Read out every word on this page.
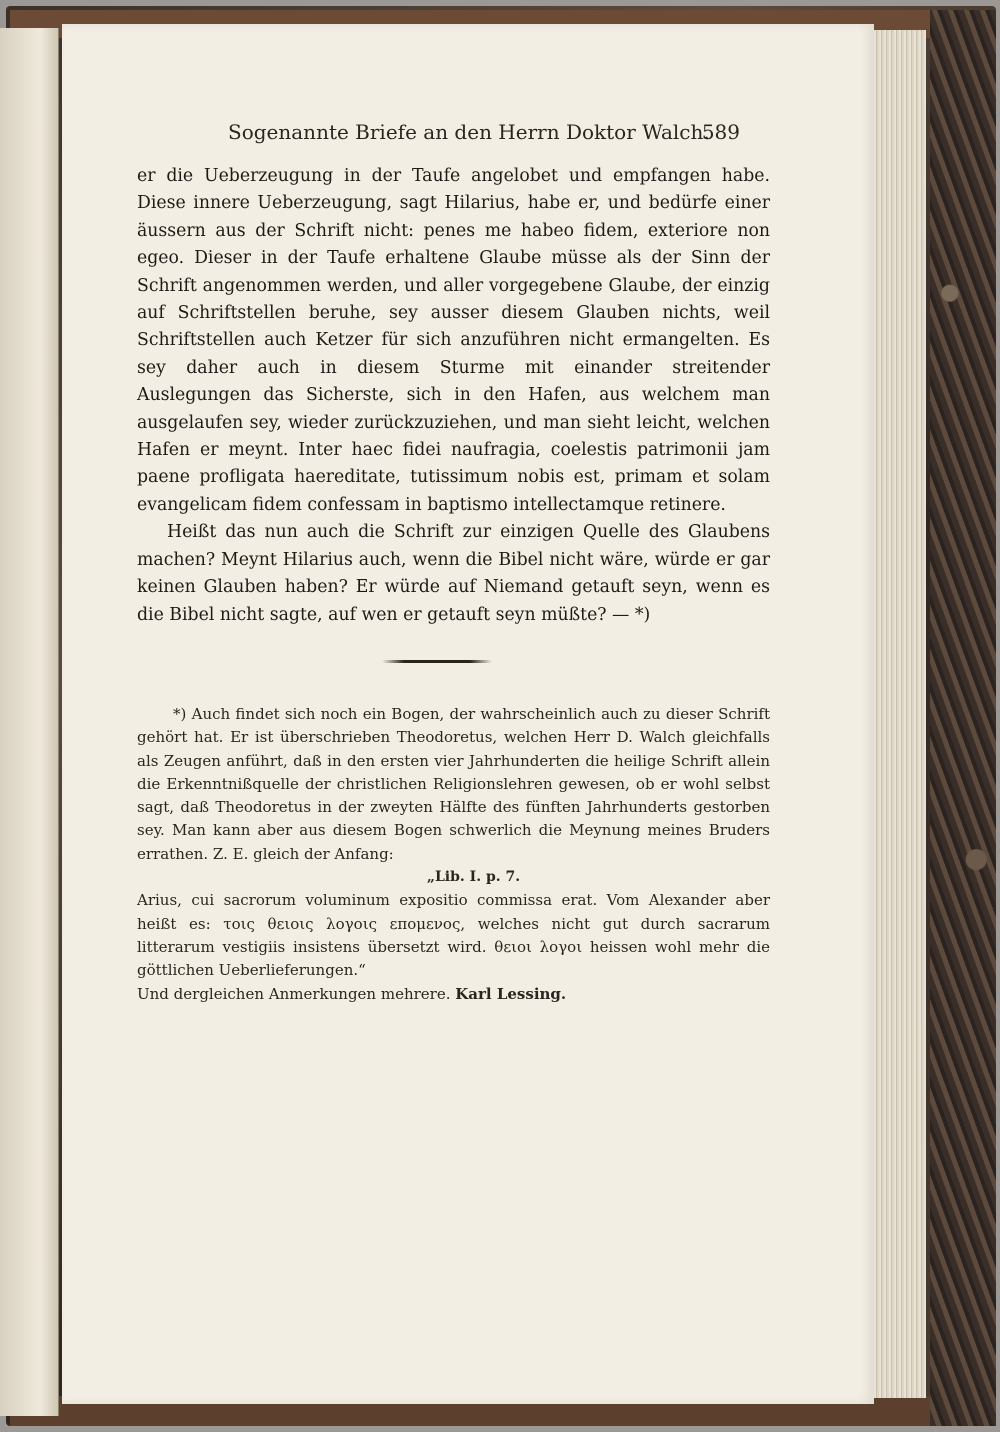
Sogenannte Briefe an den Herrn Doktor Walch.
589

er die Ueberzeugung in der Taufe angelobet und empfangen habe. Diese innere Ueberzeugung, sagt Hilarius, habe er, und bedürfe einer äussern aus der Schrift nicht: penes me habeo fidem, exteriore non egeo. Dieser in der Taufe erhaltene Glaube müsse als der Sinn der Schrift angenommen werden, und aller vorgegebene Glaube, der einzig auf Schriftstellen beruhe, sey ausser diesem Glauben nichts, weil Schriftstellen auch Ketzer für sich anzuführen nicht ermangelten. Es sey daher auch in diesem Sturme mit einander streitender Auslegungen das Sicherste, sich in den Hafen, aus welchem man ausgelaufen sey, wieder zurückzuziehen, und man sieht leicht, welchen Hafen er meynt. Inter haec fidei naufragia, coelestis patrimonii jam paene profligata haereditate, tutissimum nobis est, primam et solam evangelicam fidem confessam in baptismo intellectamque retinere.

Heißt das nun auch die Schrift zur einzigen Quelle des Glaubens machen? Meynt Hilarius auch, wenn die Bibel nicht wäre, würde er gar keinen Glauben haben? Er würde auf Niemand getauft seyn, wenn es die Bibel nicht sagte, auf wen er getauft seyn müßte? — *)

*) Auch findet sich noch ein Bogen, der wahrscheinlich auch zu dieser Schrift gehört hat. Er ist überschrieben Theodoretus, welchen Herr D. Walch gleichfalls als Zeugen anführt, daß in den ersten vier Jahrhunderten die heilige Schrift allein die Erkenntnißquelle der christlichen Religionslehren gewesen, ob er wohl selbst sagt, daß Theodoretus in der zweyten Hälfte des fünften Jahrhunderts gestorben sey. Man kann aber aus diesem Bogen schwerlich die Meynung meines Bruders errathen. Z. E. gleich der Anfang:

„Lib. I. p. 7.

Arius, cui sacrorum voluminum expositio commissa erat. Vom Alexander aber heißt es: τοις θειοις λογοις επομενος, welches nicht gut durch sacrarum litterarum vestigiis insistens übersetzt wird. θειοι λογοι heissen wohl mehr die göttlichen Ueberlieferungen.“

Und dergleichen Anmerkungen mehrere. Karl Lessing.
